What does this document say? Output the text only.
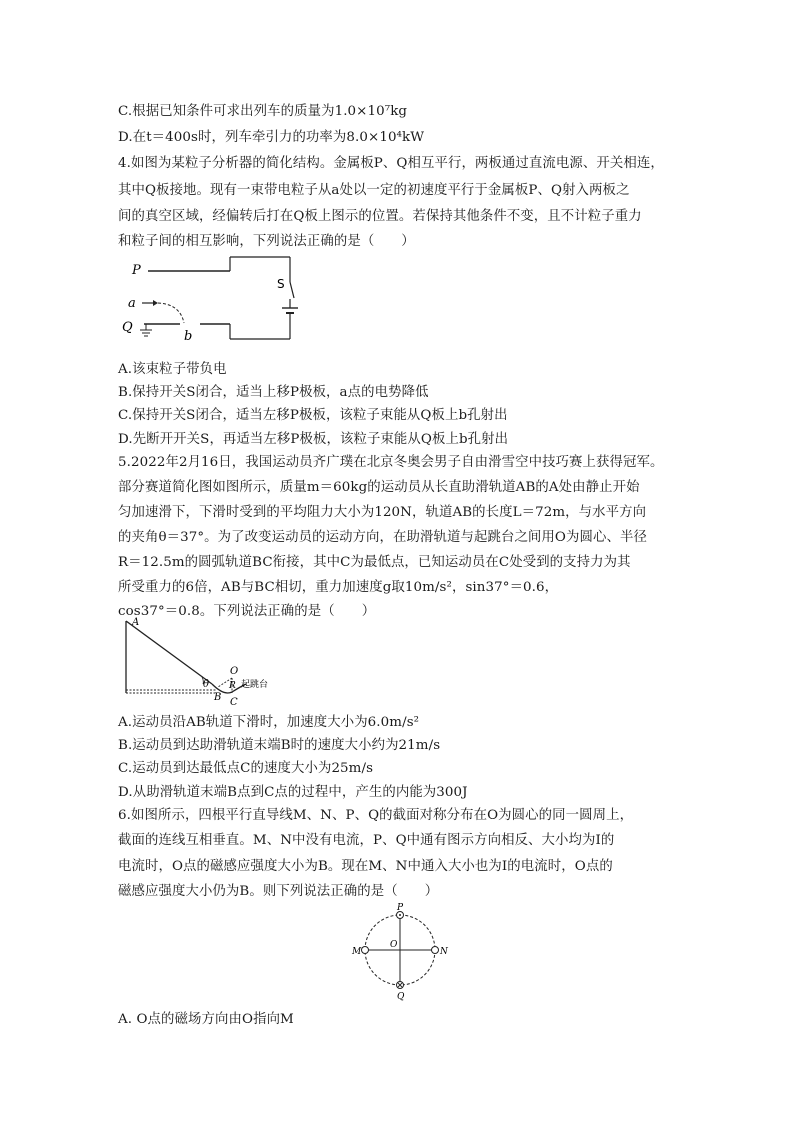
C.根据已知条件可求出列车的质量为1.0×10⁷kg
D.在t＝400s时，列车牵引力的功率为8.0×10⁴kW
4.如图为某粒子分析器的简化结构。金属板P、Q相互平行，两板通过直流电源、开关相连，
其中Q板接地。现有一束带电粒子从a处以一定的初速度平行于金属板P、Q射入两板之
间的真空区域，经偏转后打在Q板上图示的位置。若保持其他条件不变，且不计粒子重力
和粒子间的相互影响，下列说法正确的是（　　）
P
S
a
Q
b
A.该束粒子带负电
B.保持开关S闭合，适当上移P极板，a点的电势降低
C.保持开关S闭合，适当左移P极板，该粒子束能从Q板上b孔射出
D.先断开开关S，再适当左移P极板，该粒子束能从Q板上b孔射出
5.2022年2月16日，我国运动员齐广璞在北京冬奥会男子自由滑雪空中技巧赛上获得冠军。
部分赛道简化图如图所示，质量m＝60kg的运动员从长直助滑轨道AB的A处由静止开始
匀加速滑下，下滑时受到的平均阻力大小为120N，轨道AB的长度L＝72m，与水平方向
的夹角θ＝37°。为了改变运动员的运动方向，在助滑轨道与起跳台之间用O为圆心、半径
R＝12.5m的圆弧轨道BC衔接，其中C为最低点，已知运动员在C处受到的支持力为其
所受重力的6倍，AB与BC相切，重力加速度g取10m/s²，sin37°＝0.6，
cos37°＝0.8。下列说法正确的是（　　）
A
θ
B C
O
R 起跳台
A.运动员沿AB轨道下滑时，加速度大小为6.0m/s²
B.运动员到达助滑轨道末端B时的速度大小约为21m/s
C.运动员到达最低点C的速度大小为25m/s
D.从助滑轨道末端B点到C点的过程中，产生的内能为300J
6.如图所示，四根平行直导线M、N、P、Q的截面对称分布在O为圆心的同一圆周上，
截面的连线互相垂直。M、N中没有电流，P、Q中通有图示方向相反、大小均为I的
电流时，O点的磁感应强度大小为B。现在M、N中通入大小也为I的电流时，O点的
磁感应强度大小仍为B。则下列说法正确的是（　　）
P
Q
M	N
O
A. O点的磁场方向由O指向M
